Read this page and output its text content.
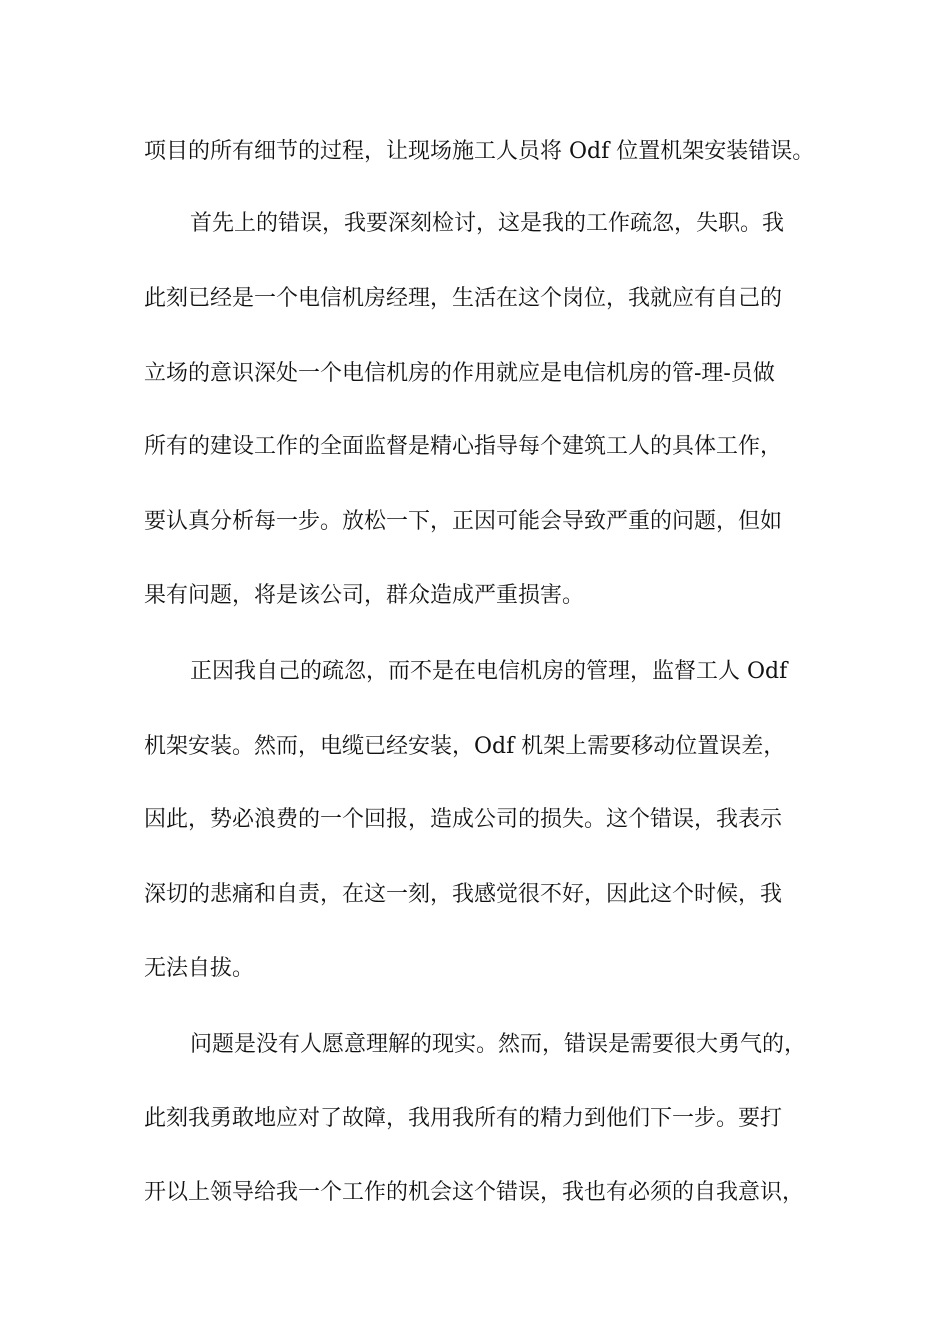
项目的所有细节的过程，让现场施工人员将 Odf 位置机架安装错误。
首先上的错误，我要深刻检讨，这是我的工作疏忽，失职。我
此刻已经是一个电信机房经理，生活在这个岗位，我就应有自己的
立场的意识深处一个电信机房的作用就应是电信机房的管-理-员做
所有的建设工作的全面监督是精心指导每个建筑工人的具体工作，
要认真分析每一步。放松一下，正因可能会导致严重的问题，但如
果有问题，将是该公司，群众造成严重损害。
正因我自己的疏忽，而不是在电信机房的管理，监督工人 Odf
机架安装。然而，电缆已经安装，Odf 机架上需要移动位置误差，
因此，势必浪费的一个回报，造成公司的损失。这个错误，我表示
深切的悲痛和自责，在这一刻，我感觉很不好，因此这个时候，我
无法自拔。
问题是没有人愿意理解的现实。然而，错误是需要很大勇气的，
此刻我勇敢地应对了故障，我用我所有的精力到他们下一步。要打
开以上领导给我一个工作的机会这个错误，我也有必须的自我意识，
